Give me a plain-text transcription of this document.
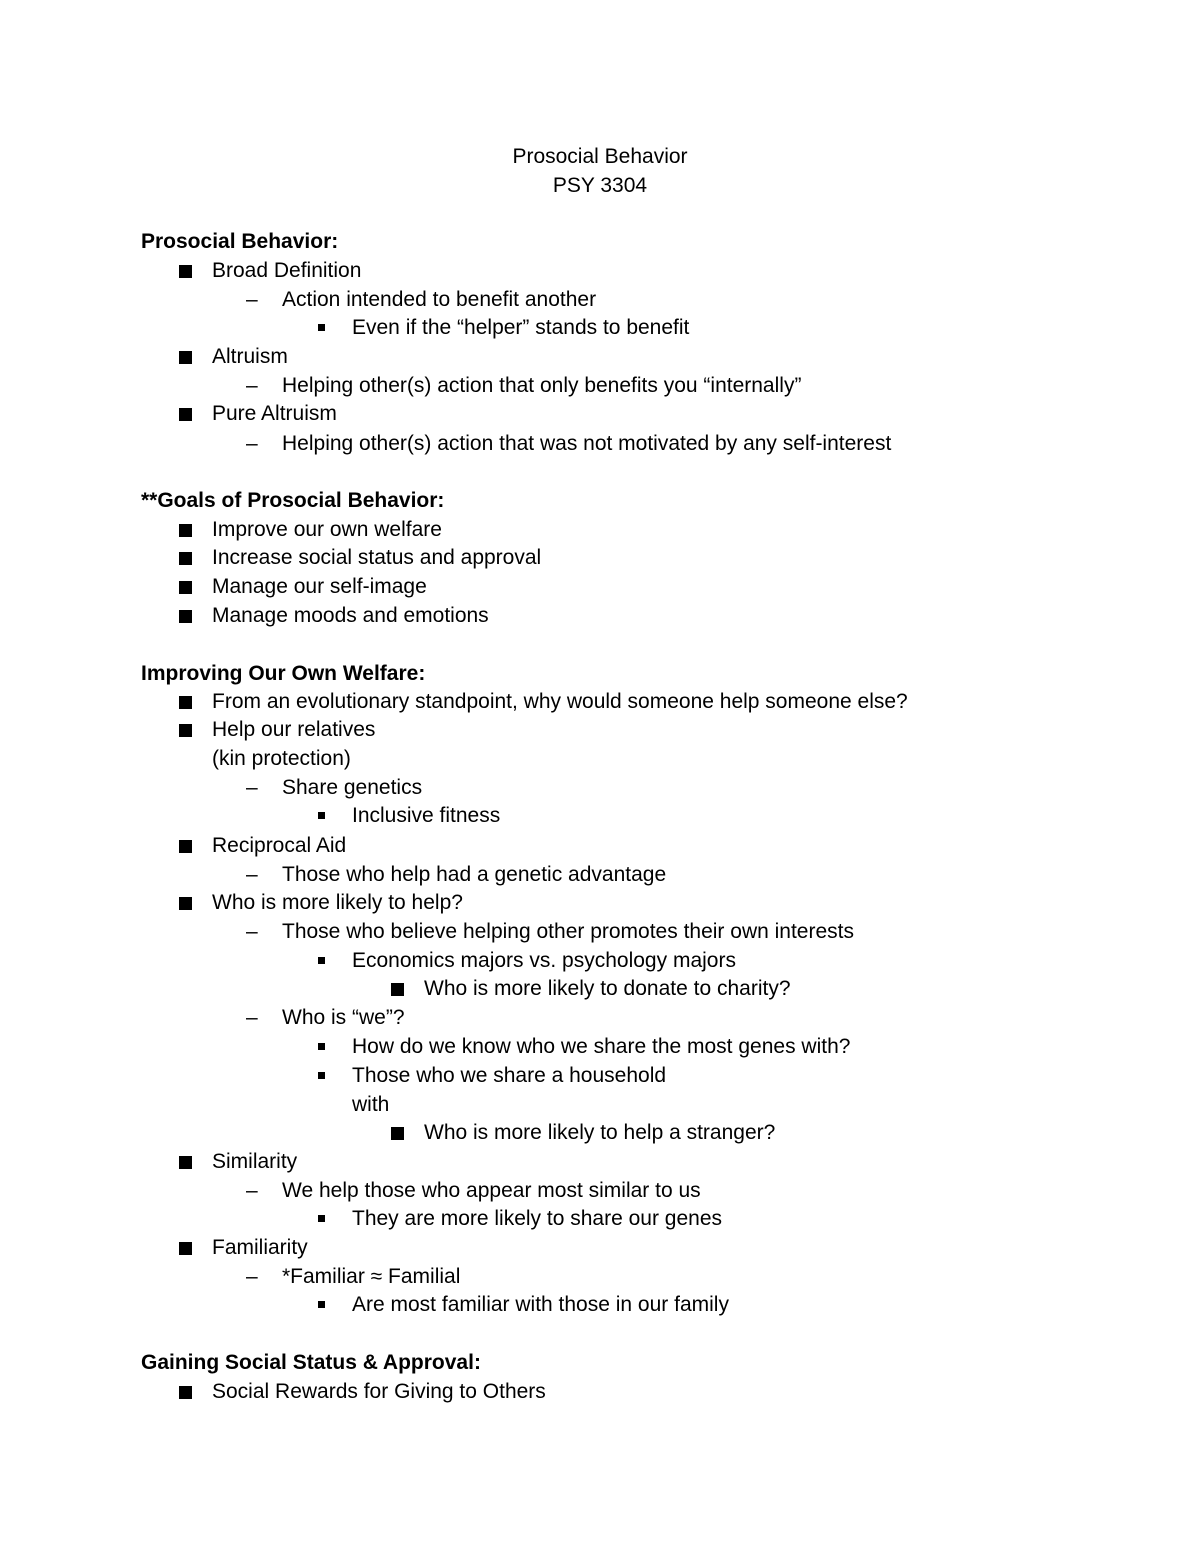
Prosocial Behavior
PSY 3304
Prosocial Behavior:
Broad Definition
– Action intended to benefit another
Even if the “helper” stands to benefit
Altruism
– Helping other(s) action that only benefits you “internally”
Pure Altruism
– Helping other(s) action that was not motivated by any self-interest
**Goals of Prosocial Behavior:
Improve our own welfare
Increase social status and approval
Manage our self-image
Manage moods and emotions
Improving Our Own Welfare:
From an evolutionary standpoint, why would someone help someone else?
Help our relatives
(kin protection)
– Share genetics
Inclusive fitness
Reciprocal Aid
– Those who help had a genetic advantage
Who is more likely to help?
– Those who believe helping other promotes their own interests
Economics majors vs. psychology majors
Who is more likely to donate to charity?
– Who is “we”?
How do we know who we share the most genes with?
Those who we share a household
with
Who is more likely to help a stranger?
Similarity
– We help those who appear most similar to us
They are more likely to share our genes
Familiarity
– *Familiar ≈ Familial
Are most familiar with those in our family
Gaining Social Status & Approval:
Social Rewards for Giving to Others
